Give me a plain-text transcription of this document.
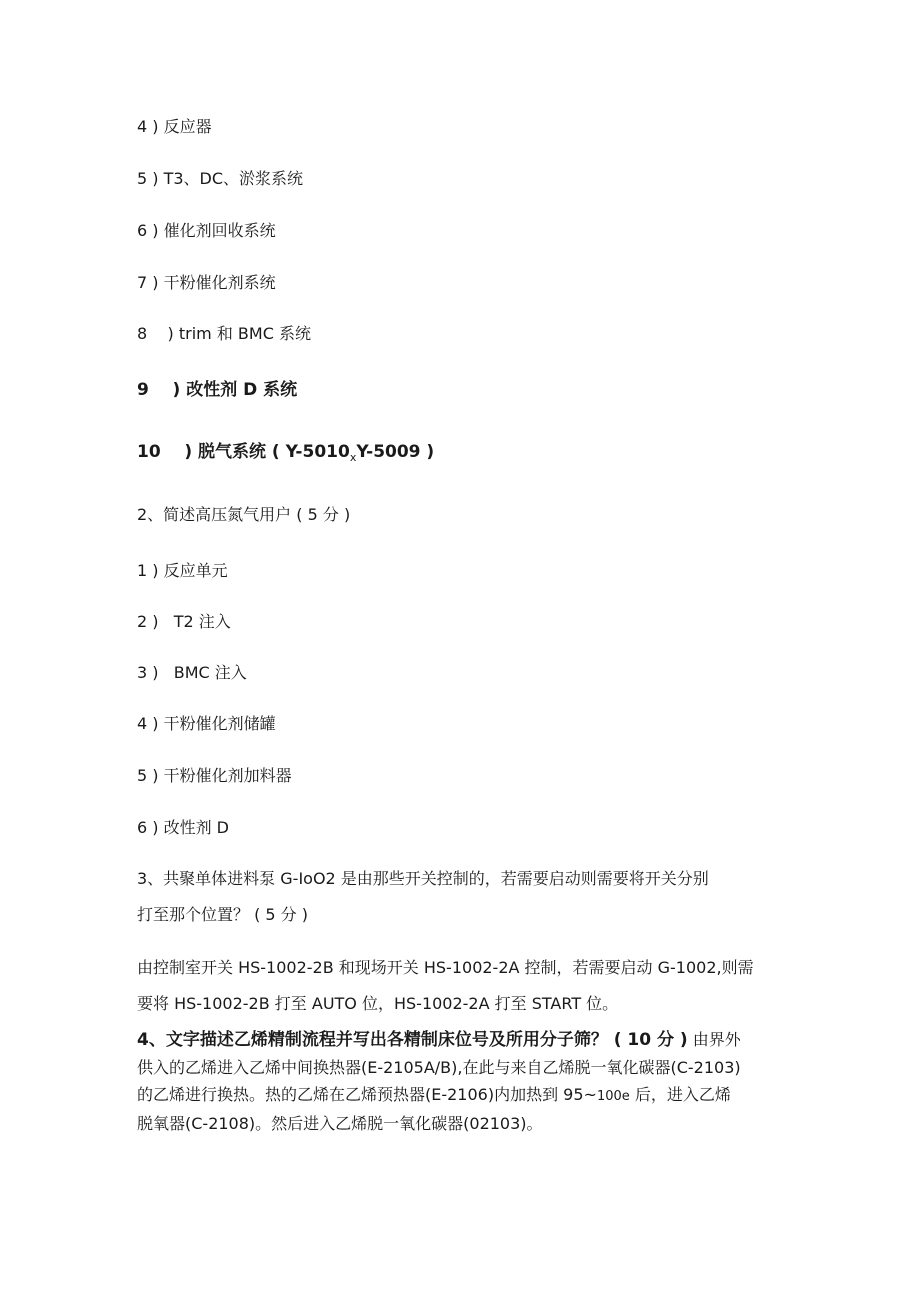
4 ) 反应器
5 ) T3、DC、淤浆系统
6 ) 催化剂回收系统
7 ) 干粉催化剂系统
8    ) trim 和 BMC 系统
9    ) 改性剂 D 系统
10    ) 脱气系统 ( $Y-5010_xY-5009$ )
2、简述高压氮气用户 ( 5 分 )
1 ) 反应单元
2 )   T2 注入
3 )   BMC 注入
4 ) 干粉催化剂储罐
5 ) 干粉催化剂加料器
6 ) 改性剂 D
3、共聚单体进料泵 G-IoO2 是由那些开关控制的，若需要启动则需要将开关分别
打至那个位置？ ( 5 分 )
由控制室开关 HS-1002-2B 和现场开关 HS-1002-2A 控制，若需要启动 G-1002,则需
要将 HS-1002-2B 打至 AUTO 位，HS-1002-2A 打至 START 位。
4、文字描述乙烯精制流程并写出各精制床位号及所用分子筛？ ( 10 分 ) 由界外
供入的乙烯进入乙烯中间换热器(E-2105A/B),在此与来自乙烯脱一氧化碳器(C-2103)
的乙烯进行换热。热的乙烯在乙烯预热器(E-2106)内加热到 95~100e 后，进入乙烯
脱氧器(C-2108)。然后进入乙烯脱一氧化碳器(02103)。
